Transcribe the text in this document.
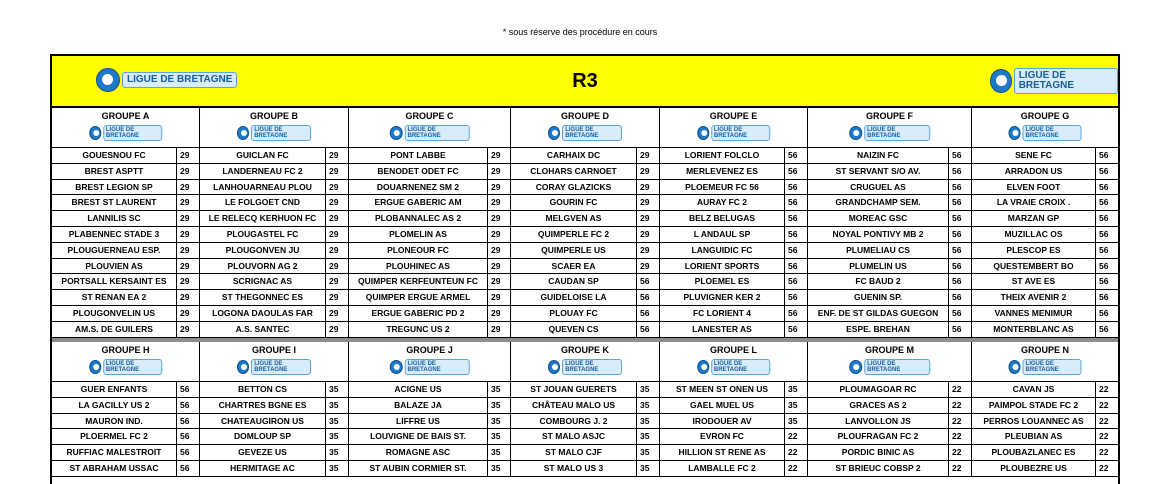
* sous réserve des procédure en cours
LIGUE DE BRETAGNE	R3	LIGUE DE BRETAGNE
GROUPE A
LIGUE DE BRETAGNE
GOUESNOU FC	29
BREST ASPTT	29
BREST LEGION SP	29
BREST ST LAURENT	29
LANNILIS SC	29
PLABENNEC STADE 3	29
PLOUGUERNEAU ESP.	29
PLOUVIEN AS	29
PORTSALL KERSAINT ES	29
ST RENAN EA 2	29
PLOUGONVELIN US	29
AM.S. DE GUILERS	29
GROUPE B
LIGUE DE BRETAGNE
GUICLAN FC	29
LANDERNEAU FC 2	29
LANHOUARNEAU PLOU	29
LE FOLGOET CND	29
LE RELECQ KERHUON FC	29
PLOUGASTEL FC	29
PLOUGONVEN JU	29
PLOUVORN AG 2	29
SCRIGNAC AS	29
ST THEGONNEC ES	29
LOGONA DAOULAS FAR	29
A.S. SANTEC	29
GROUPE C
LIGUE DE BRETAGNE
PONT LABBE	29
BENODET ODET FC	29
DOUARNENEZ SM 2	29
ERGUE GABERIC AM	29
PLOBANNALEC AS 2	29
PLOMELIN AS	29
PLONEOUR FC	29
PLOUHINEC AS	29
QUIMPER KERFEUNTEUN FC	29
QUIMPER ERGUE ARMEL	29
ERGUE GABERIC PD 2	29
TREGUNC US 2	29
GROUPE D
LIGUE DE BRETAGNE
CARHAIX DC	29
CLOHARS CARNOET	29
CORAY GLAZICKS	29
GOURIN FC	29
MELGVEN AS	29
QUIMPERLE FC 2	29
QUIMPERLE US	29
SCAER EA	29
CAUDAN SP	56
GUIDELOISE LA	56
PLOUAY FC	56
QUEVEN CS	56
GROUPE E
LIGUE DE BRETAGNE
LORIENT FOLCLO	56
MERLEVENEZ ES	56
PLOEMEUR FC 56	56
AURAY FC 2	56
BELZ BELUGAS	56
L ANDAUL SP	56
LANGUIDIC FC	56
LORIENT SPORTS	56
PLOEMEL ES	56
PLUVIGNER KER 2	56
FC LORIENT 4	56
LANESTER AS	56
GROUPE F
LIGUE DE BRETAGNE
NAIZIN FC	56
ST SERVANT S/O AV.	56
CRUGUEL AS	56
GRANDCHAMP SEM.	56
MOREAC GSC	56
NOYAL PONTIVY MB 2	56
PLUMELIAU CS	56
PLUMELIN US	56
FC BAUD 2	56
GUENIN SP.	56
ENF. DE ST GILDAS GUEGON	56
ESPE. BREHAN	56
GROUPE G
LIGUE DE BRETAGNE
SENE FC	56
ARRADON US	56
ELVEN FOOT	56
LA VRAIE CROIX .	56
MARZAN GP	56
MUZILLAC OS	56
PLESCOP ES	56
QUESTEMBERT BO	56
ST AVE ES	56
THEIX AVENIR 2	56
VANNES MENIMUR	56
MONTERBLANC AS	56
GROUPE H
LIGUE DE BRETAGNE
GUER ENFANTS	56
LA GACILLY US 2	56
MAURON IND.	56
PLOERMEL FC 2	56
RUFFIAC MALESTROIT	56
ST ABRAHAM USSAC	56
GROUPE I
LIGUE DE BRETAGNE
BETTON CS	35
CHARTRES BGNE ES	35
CHATEAUGIRON US	35
DOMLOUP SP	35
GEVEZE US	35
HERMITAGE AC	35
GROUPE J
LIGUE DE BRETAGNE
ACIGNE US	35
BALAZE JA	35
LIFFRE US	35
LOUVIGNE DE BAIS ST.	35
ROMAGNE ASC	35
ST AUBIN CORMIER ST.	35
GROUPE K
LIGUE DE BRETAGNE
ST JOUAN GUERETS	35
CHÂTEAU MALO US	35
COMBOURG J. 2	35
ST MALO ASJC	35
ST MALO CJF	35
ST MALO US 3	35
GROUPE L
LIGUE DE BRETAGNE
ST MEEN ST ONEN US	35
GAEL MUEL US	35
IRODOUER AV	35
EVRON FC	22
HILLION ST RENE AS	22
LAMBALLE FC 2	22
GROUPE M
LIGUE DE BRETAGNE
PLOUMAGOAR RC	22
GRACES AS 2	22
LANVOLLON JS	22
PLOUFRAGAN FC 2	22
PORDIC BINIC AS	22
ST BRIEUC COBSP 2	22
GROUPE N
LIGUE DE BRETAGNE
CAVAN JS	22
PAIMPOL STADE FC 2	22
PERROS LOUANNEC AS	22
PLEUBIAN AS	22
PLOUBAZLANEC ES	22
PLOUBEZRE US	22
